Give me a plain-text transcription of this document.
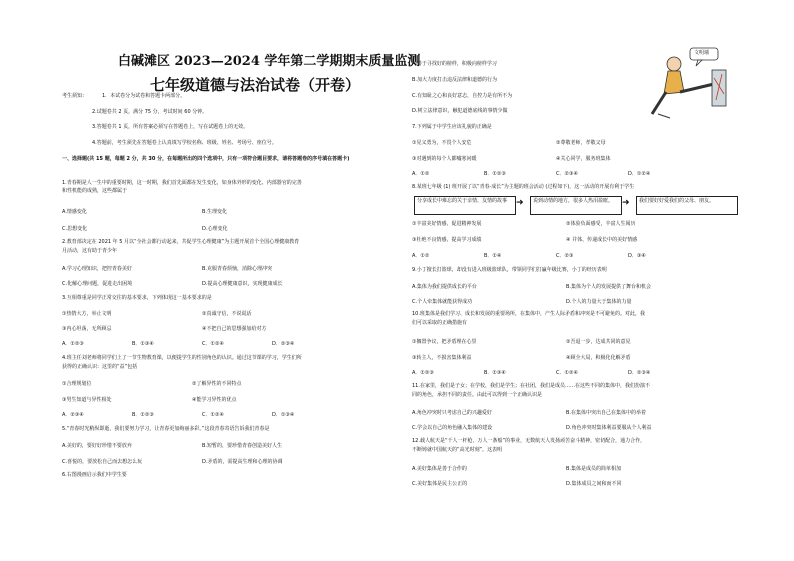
白碱滩区 2023—2024 学年第二学期期末质量监测
七年级道德与法治试卷（开卷）
考生须知：	1．本试卷分为试卷和答题卡两部分。
2.试题卷共 2 页，满分 75 分，考试时间 60 分钟。
3.答题卷共 1 页，所有答案必须写在答题卷上，写在试题卷上的无效。
4.答题前，考生须先在答题卷上认真填写学校名称、班级、姓名、考场号、座位号。
一、选择题(共 15 题，每题 2 分，共 30 分，在每题所出的四个选项中，只有一项符合题目要求，请将答题卷的序号填在答题卡)
1.青春期是人一生中的重要时期，这一时期，我们首先面都在发生变化，如身体外形的变化、内部器官的完善
和性机能的成熟，这些都属于
A.情感变化	B.生理变化
C.思想变化	D.心理变化
2.教育部决定在 2021 年 5 月以“全社会都行动起来，共促学生心理健康”为主题开展首个全国心理健康教育
月活动，这有助于青少年
A.学习心理知识，把控青春美好	B.克服青春烦恼，消除心理冲突
C.化解心理问题，促进走出困境	D.提高心理健康意识，实现健康成长
3.互相尊重是同学正常交往的基本要求，下列体现这一基本要求的是
①热情大方，举止文明	②真诚守信，不说谎话
③内心坦荡，无所顾忌	④不把自己的思想强加给对方
A．①②③	B．①③④	C．①②④	D．②③④
4.班主任刘老师将同学们上了一节生物教育课，以便提学生的性别角色的认识。通过这节课的学习，学生们所
获得的正确认识：这里的“益”包括
①合理规划位	②了解异性的不同特点
③男生知道与异性相处	④能学习异性的优点
A．②③④	B．①②③	C．①②④	D．①③④
5.“青春时光稍纵即逝，我们要努力学习，让青春更加绚丽多彩。”这段青春寄语告诉我们青春是
A.美好的，要好好珍惜不要放弃	B.短暂的，要珍惜青春创造美好人生
C.喜悦的，要放松自己而去想怎么玩	D.矛盾的，需提高生理和心理的协调
6.右图漫画启示我们中学生要
A.善于寻找好的榜样，积极向榜样学习
B.加大力度打击违反法律和道德的行为
C.有知耻之心和良好意志，自控力是有所不为
D.树立法律意识，触犯道德底线的事情少做
文明墙
7.下列属于中学生应该礼貌的正确是
①见义勇为，不畏个人安危	②尊敬老师，孝敬父母
③对遇到的每个人都嘘寒问暖	④关心同学，服务班集体
A．①②	B．①②③	C．②③④	D．①②④
8.某班七年级 (1) 班开展了以“青春·成长”为主题的班会活动 (过程如下)，这一活动的开展有利于学生
分享成长中难忘的关于亲情、友情的故事 ➜	说到动情的地方，很多人热泪盈眶。 ➜	我们要好好爱我们的父母、朋友。
①丰富美好情感，促进精神发展	②体验负面感受，丰富人生阅历
③杜绝不良情感，提高学习成绩	④ 并体、传递成长中的美好情感
A．①②	B．①④	C．②③	D．③④
9.小丁擅长打篮球，却没有进入班级篮球队，带领同学们打赢年级比赛，小丁的经历表明
A.集体为我们提供成长的平台	B.集体为个人的发展提供了舞台和机会
C.个人牵集体就能获得成功	D.个人的力量大于集体的力量
10.班集体是我们学习、成长和发展的重要场所，在集体中，产生人际矛盾和冲突是不可避免的。对此，我
们可以采取的正确措施有
①搁置争议，把矛盾埋在心里	②吾退一步，达成共同的意见
③转主人，不损害集体利益	④顾全大局，积极化化解矛盾
A．①②③	B．①③④	C．①②④	D．②③④
11.在家里，我们是子女；在学校，我们是学生；在社团，我们是成员……在这些不同的集体中，我们扮演不
同的角色，承担不同的责任。由此可以得到一个正确认识是
A.角色冲突时只考虑自己的兴趣爱好	B.在集体中突出自己在集体中的举着
C.学会以自己的角色融入集体的建设	D.角色冲突时集体利益要服从个人利益
12.载人航天是“千人一杆枪，万人一条船”的事业，无数航天人发扬顽苦奋斗精神，密切配合，通力合作，
不断铸就中国航天的“高光时刻”。这表明
A.美好集体是善于合作的	B.集体是成员的简单相加
C.美好集体是民主公正的	D.集体成员之间和而不同
